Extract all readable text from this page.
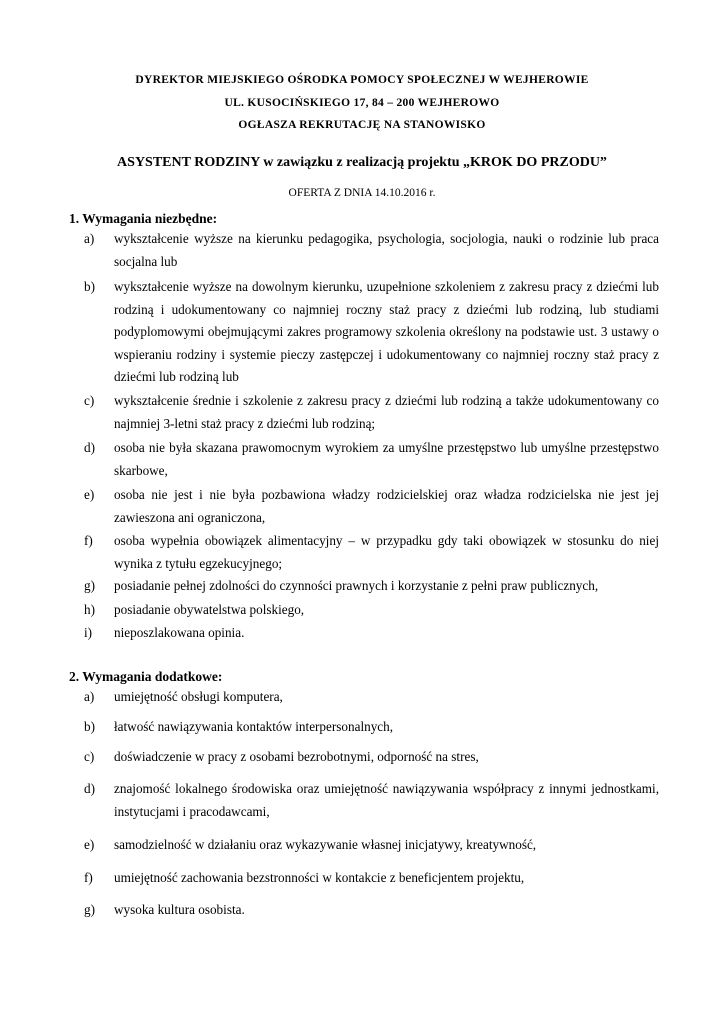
DYREKTOR MIEJSKIEGO OŚRODKA POMOCY SPOŁECZNEJ W WEJHEROWIE
UL. KUSOCIŃSKIEGO 17, 84 – 200 WEJHEROWO
OGŁASZA REKRUTACJĘ NA STANOWISKO
ASYSTENT RODZINY w zawiązku z realizacją projektu „KROK DO PRZODU”
OFERTA Z DNIA 14.10.2016 r.
1. Wymagania niezbędne:
a)	wykształcenie wyższe na kierunku pedagogika, psychologia, socjologia, nauki o rodzinie lub praca socjalna lub
b)	wykształcenie wyższe na dowolnym kierunku, uzupełnione szkoleniem z zakresu pracy z dziećmi lub rodziną i udokumentowany co najmniej roczny staż pracy z dziećmi lub rodziną, lub studiami podyplomowymi obejmującymi zakres programowy szkolenia określony na podstawie ust. 3 ustawy o wspieraniu rodziny i systemie pieczy zastępczej i udokumentowany co najmniej roczny staż pracy z dziećmi lub rodziną lub
c)	wykształcenie średnie i szkolenie z zakresu pracy z dziećmi lub rodziną a także udokumentowany co najmniej 3-letni staż pracy z dziećmi lub rodziną;
d)	osoba nie była skazana prawomocnym wyrokiem za umyślne przestępstwo lub umyślne przestępstwo skarbowe,
e)	osoba nie jest i nie była pozbawiona władzy rodzicielskiej oraz władza rodzicielska nie jest jej zawieszona ani ograniczona,
f)	osoba wypełnia obowiązek alimentacyjny – w przypadku gdy taki obowiązek w stosunku do niej wynika z tytułu egzekucyjnego;
g)	posiadanie pełnej zdolności do czynności prawnych i korzystanie z pełni praw publicznych,
h)	posiadanie obywatelstwa polskiego,
i)	nieposzlakowana opinia.
2. Wymagania dodatkowe:
a)	umiejętność obsługi komputera,
b)	łatwość nawiązywania kontaktów interpersonalnych,
c)	doświadczenie w pracy z osobami bezrobotnymi, odporność na stres,
d)	znajomość lokalnego środowiska oraz umiejętność nawiązywania współpracy z innymi jednostkami, instytucjami i pracodawcami,
e)	samodzielność w działaniu oraz wykazywanie własnej inicjatywy, kreatywność,
f)	umiejętność zachowania bezstronności w kontakcie z beneficjentem projektu,
g)	wysoka kultura osobista.
